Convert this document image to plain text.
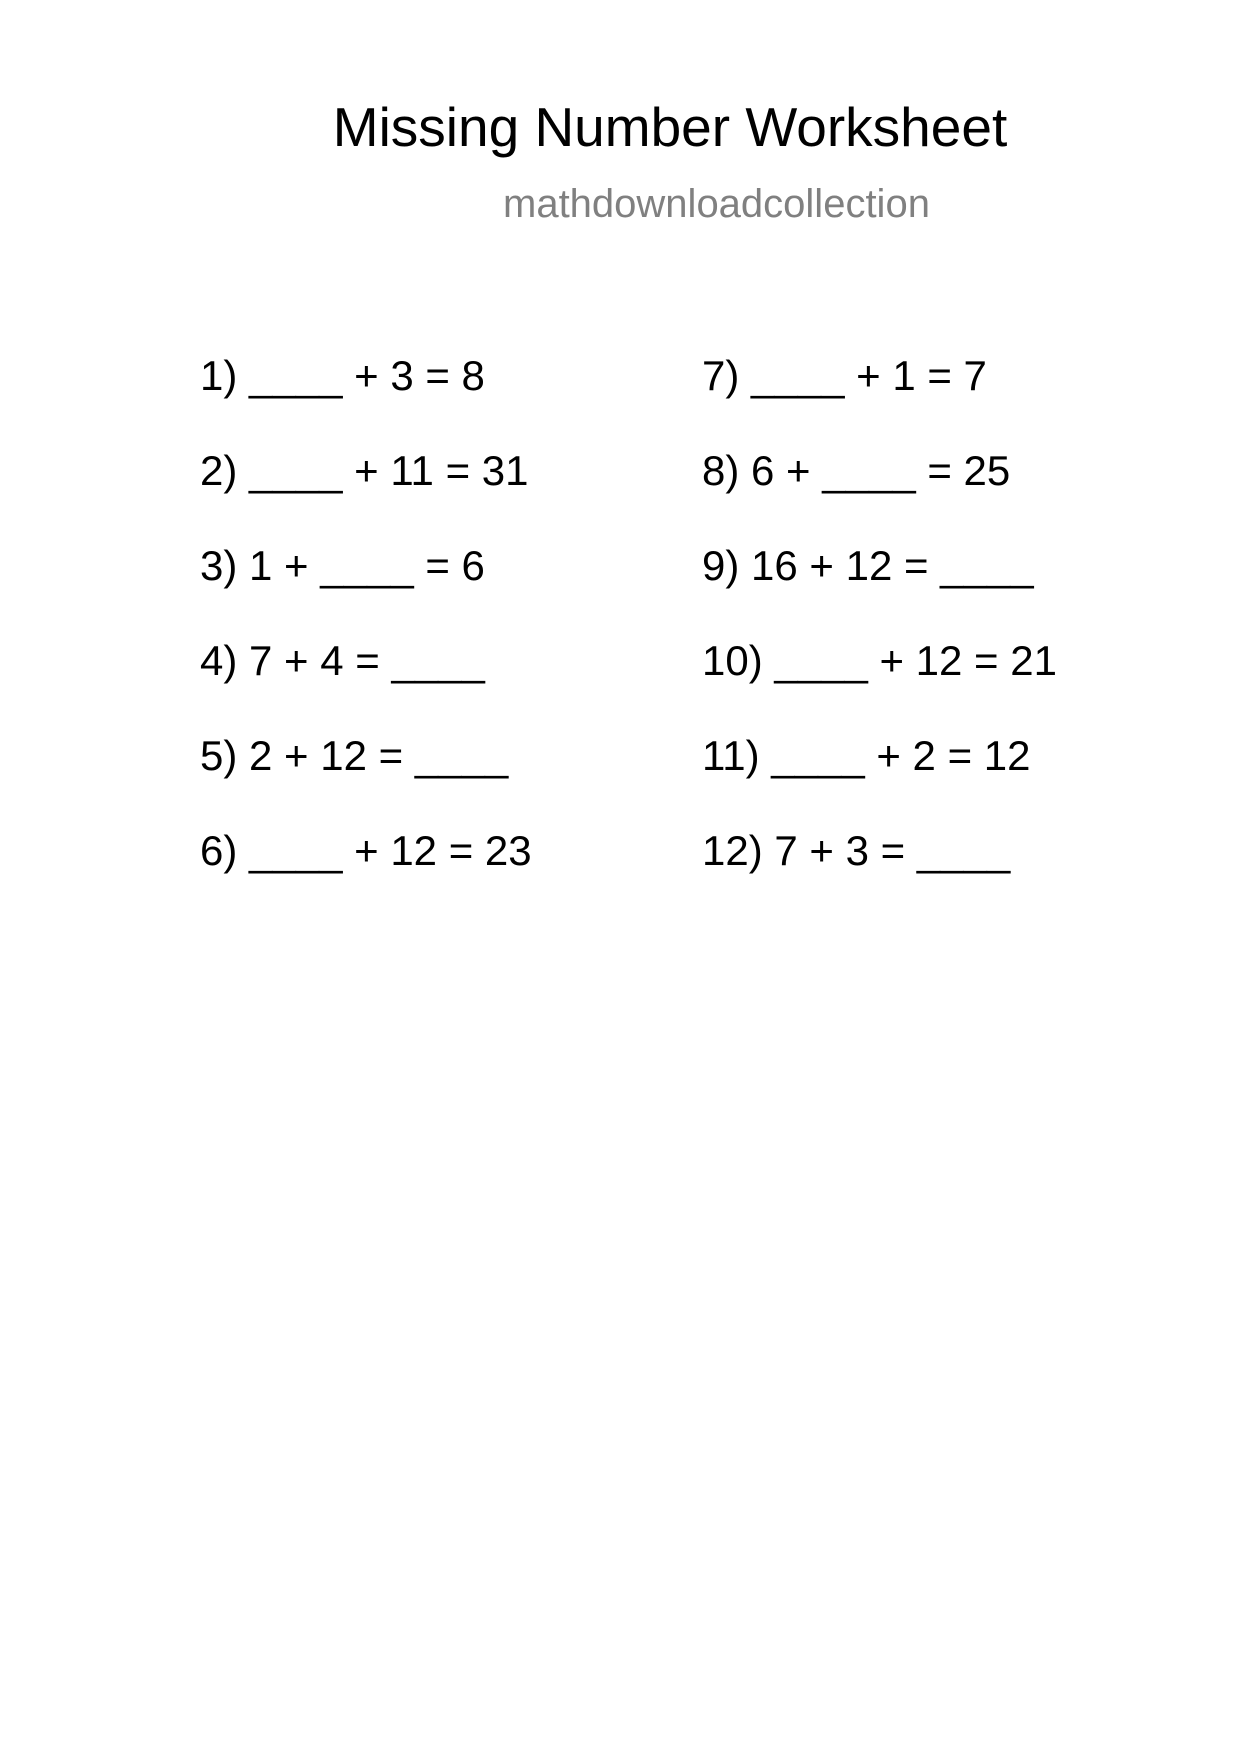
Missing Number Worksheet
mathdownloadcollection
1) ____ + 3 = 8
2) ____ + 11 = 31
3) 1 + ____ = 6
4) 7 + 4 = ____
5) 2 + 12 = ____
6) ____ + 12 = 23
7) ____ + 1 = 7
8) 6 + ____ = 25
9) 16 + 12 = ____
10) ____ + 12 = 21
11) ____ + 2 = 12
12) 7 + 3 = ____
